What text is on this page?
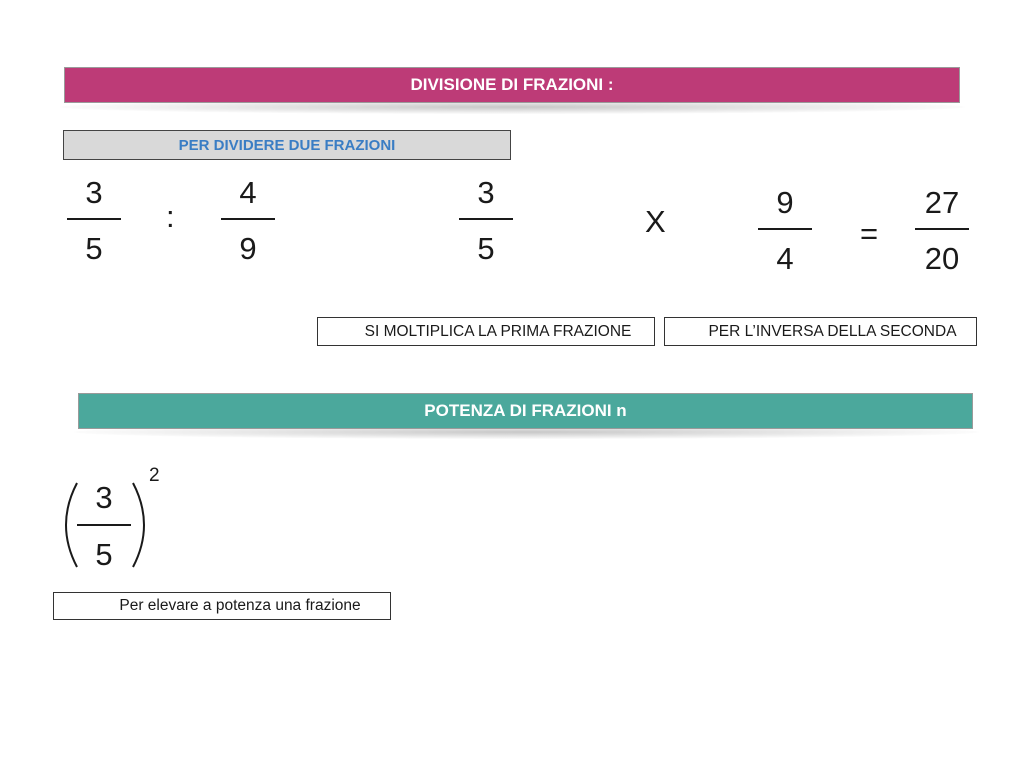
DIVISIONE DI FRAZIONI :
PER DIVIDERE DUE FRAZIONI
3
5
:
4
9
3
5
X
9
4
=
27
20
SI MOLTIPLICA LA PRIMA FRAZIONE	PER L’INVERSA DELLA SECONDA
POTENZA DI FRAZIONI n
3
5
2
Per elevare a potenza una frazione
